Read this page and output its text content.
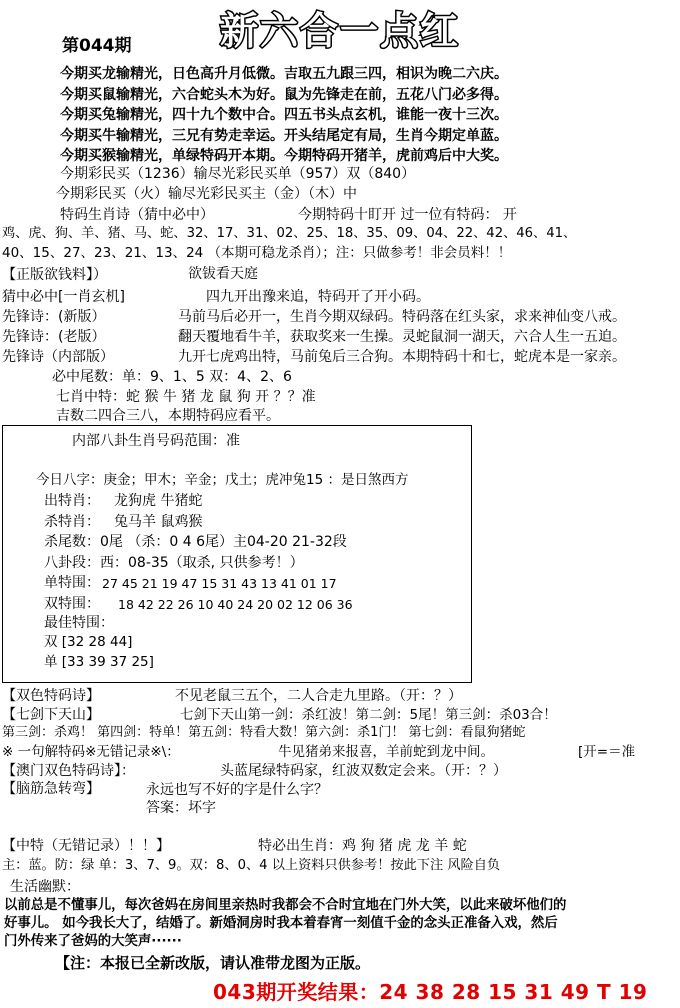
第044期 新六合一点红
今期买龙输精光，日色高升月低微。吉取五九跟三四，相识为晚二六庆。
今期买鼠输精光，六合蛇头木为好。鼠为先锋走在前，五花八门必多得。
今期买兔输精光，四十九个数中合。四五书头点玄机，谁能一夜十三次。
今期买牛输精光，三兄有势走幸运。开头结尾定有局，生肖今期定单蓝。
今期买猴输精光，单绿特码开本期。今期特码开猪羊，虎前鸡后中大奖。
今期彩民买（1236）输尽光彩民买单（957）双（840）
今期彩民买（火）输尽光彩民买主（金）（木）中
特码生肖诗（猜中必中）	今期特码十盯开 过一位有特码： 开
鸡、虎、狗、羊、猪、马、蛇、32、17、31、02、25、18、35、09、04、22、42、46、41、
40、15、27、23、21、13、24 （本期可稳龙杀肖）；注：只做参考！非会员料！！
【正版欲钱料】）	欲钹看天庭
猜中必中[一肖玄机]	四九开出豫来追，特码开了开小码。
先锋诗：(新版）	马前马后必开一，生肖今期双绿码。特码落在红头家，求来神仙变八戒。
先锋诗：(老版）	翻天覆地看牛羊，获取奖来一生操。灵蛇鼠洞一湖天，六合人生一五迫。
先锋诗（内部版）	九开七虎鸡出特，马前兔后三合狗。本期特码十和七，蛇虎本是一家亲。
必中尾数：单：9、1、5 双：4、2、6
七肖中特：蛇 猴 牛 猪 龙 鼠 狗 开 ？？准
吉数二四合三八，本期特码应看平。
内部八卦生肖号码范围：准
今日八字：庚金；甲木；辛金；戊土；虎冲兔15 ：是日煞西方
出特肖： 龙狗虎 牛猪蛇
杀特肖： 兔马羊 鼠鸡猴
杀尾数：0尾 （杀：0 4 6尾）主04-20 21-32段
八卦段：西：08-35（取杀, 只供参考！）
单特围： 27 45 21 19 47 15 31 43 13 41 01 17
双特围： 18 42 22 26 10 40 24 20 02 12 06 36
最佳特围：
双 [32 28 44]
单 [33 39 37 25]
【双色特码诗】	不见老鼠三五个，二人合走九里路。（开：？）
【七剑下天山】	七剑下天山第一剑：杀红波！第二剑：5尾！第三剑：杀03合！
第三剑：杀鸡！ 第四剑：特单！第五剑：特看大数！第六剑：杀1门！ 第七剑：看鼠狗猪蛇
※ 一句解特码※无错记录※\：	牛见猪弟来报喜，羊前蛇到龙中间。	[开=＝准
【澳门双色特码诗】：	头蓝尾绿特码家，红波双数定会来。（开：？）
【脑筋急转弯】	永远也写不好的字是什么字？
答案：坏字
【中特（无错记录）！！】	特必出生肖：鸡 狗 猪 虎 龙 羊 蛇
主：蓝。防：绿 单：3、7、9。双：8、0、4 以上资料只供参考！按此下注 风险自负
生活幽默：
以前总是不懂事儿，每次爸妈在房间里亲热时我都会不合时宜地在门外大笑，以此来破坏他们的
好事儿。 如今我长大了，结婚了。新婚洞房时我本着春宵一刻值千金的念头正准备入戏，然后
门外传来了爸妈的大笑声······
【注：本报已全新改版，请认准带龙图为正版。
043期开奖结果：24 38 28 15 31 49 T 19
